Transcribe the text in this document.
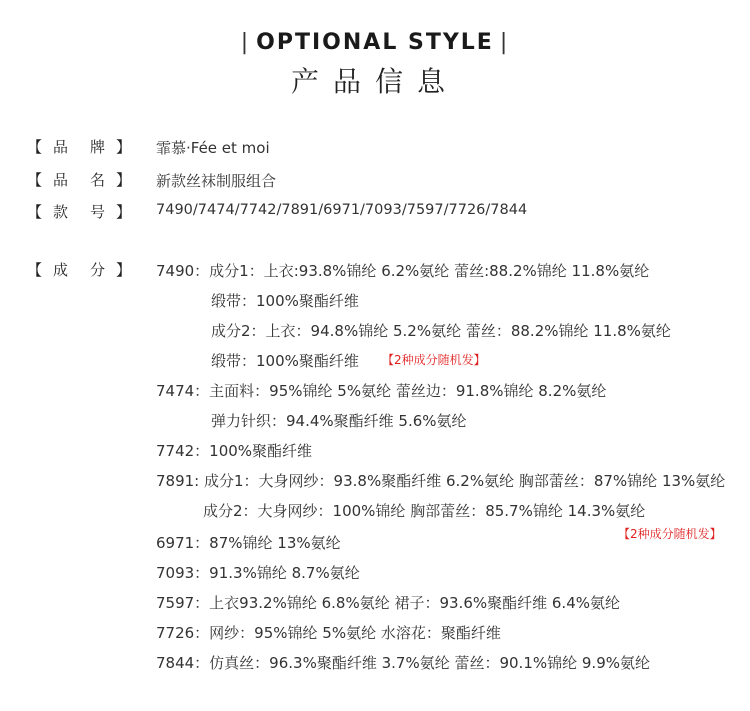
| OPTIONAL STYLE |
产品信息
【 品 牌 】 霏慕·Fée et moi
【 品 名 】 新款丝袜制服组合
【 款 号 】 7490/7474/7742/7891/6971/7093/7597/7726/7844
【 成 分 】 7490：成分1：上衣:93.8%锦纶 6.2%氨纶 蕾丝:88.2%锦纶 11.8%氨纶
缎带：100%聚酯纤维
成分2：上衣：94.8%锦纶 5.2%氨纶 蕾丝：88.2%锦纶 11.8%氨纶
缎带：100%聚酯纤维 【2种成分随机发】
7474：主面料：95%锦纶 5%氨纶 蕾丝边：91.8%锦纶 8.2%氨纶
弹力针织：94.4%聚酯纤维 5.6%氨纶
7742：100%聚酯纤维
7891: 成分1：大身网纱：93.8%聚酯纤维 6.2%氨纶 胸部蕾丝：87%锦纶 13%氨纶
成分2：大身网纱：100%锦纶 胸部蕾丝：85.7%锦纶 14.3%氨纶
【2种成分随机发】
6971：87%锦纶 13%氨纶
7093：91.3%锦纶 8.7%氨纶
7597：上衣93.2%锦纶 6.8%氨纶 裙子：93.6%聚酯纤维 6.4%氨纶
7726：网纱：95%锦纶 5%氨纶 水溶花：聚酯纤维
7844：仿真丝：96.3%聚酯纤维 3.7%氨纶 蕾丝：90.1%锦纶 9.9%氨纶
